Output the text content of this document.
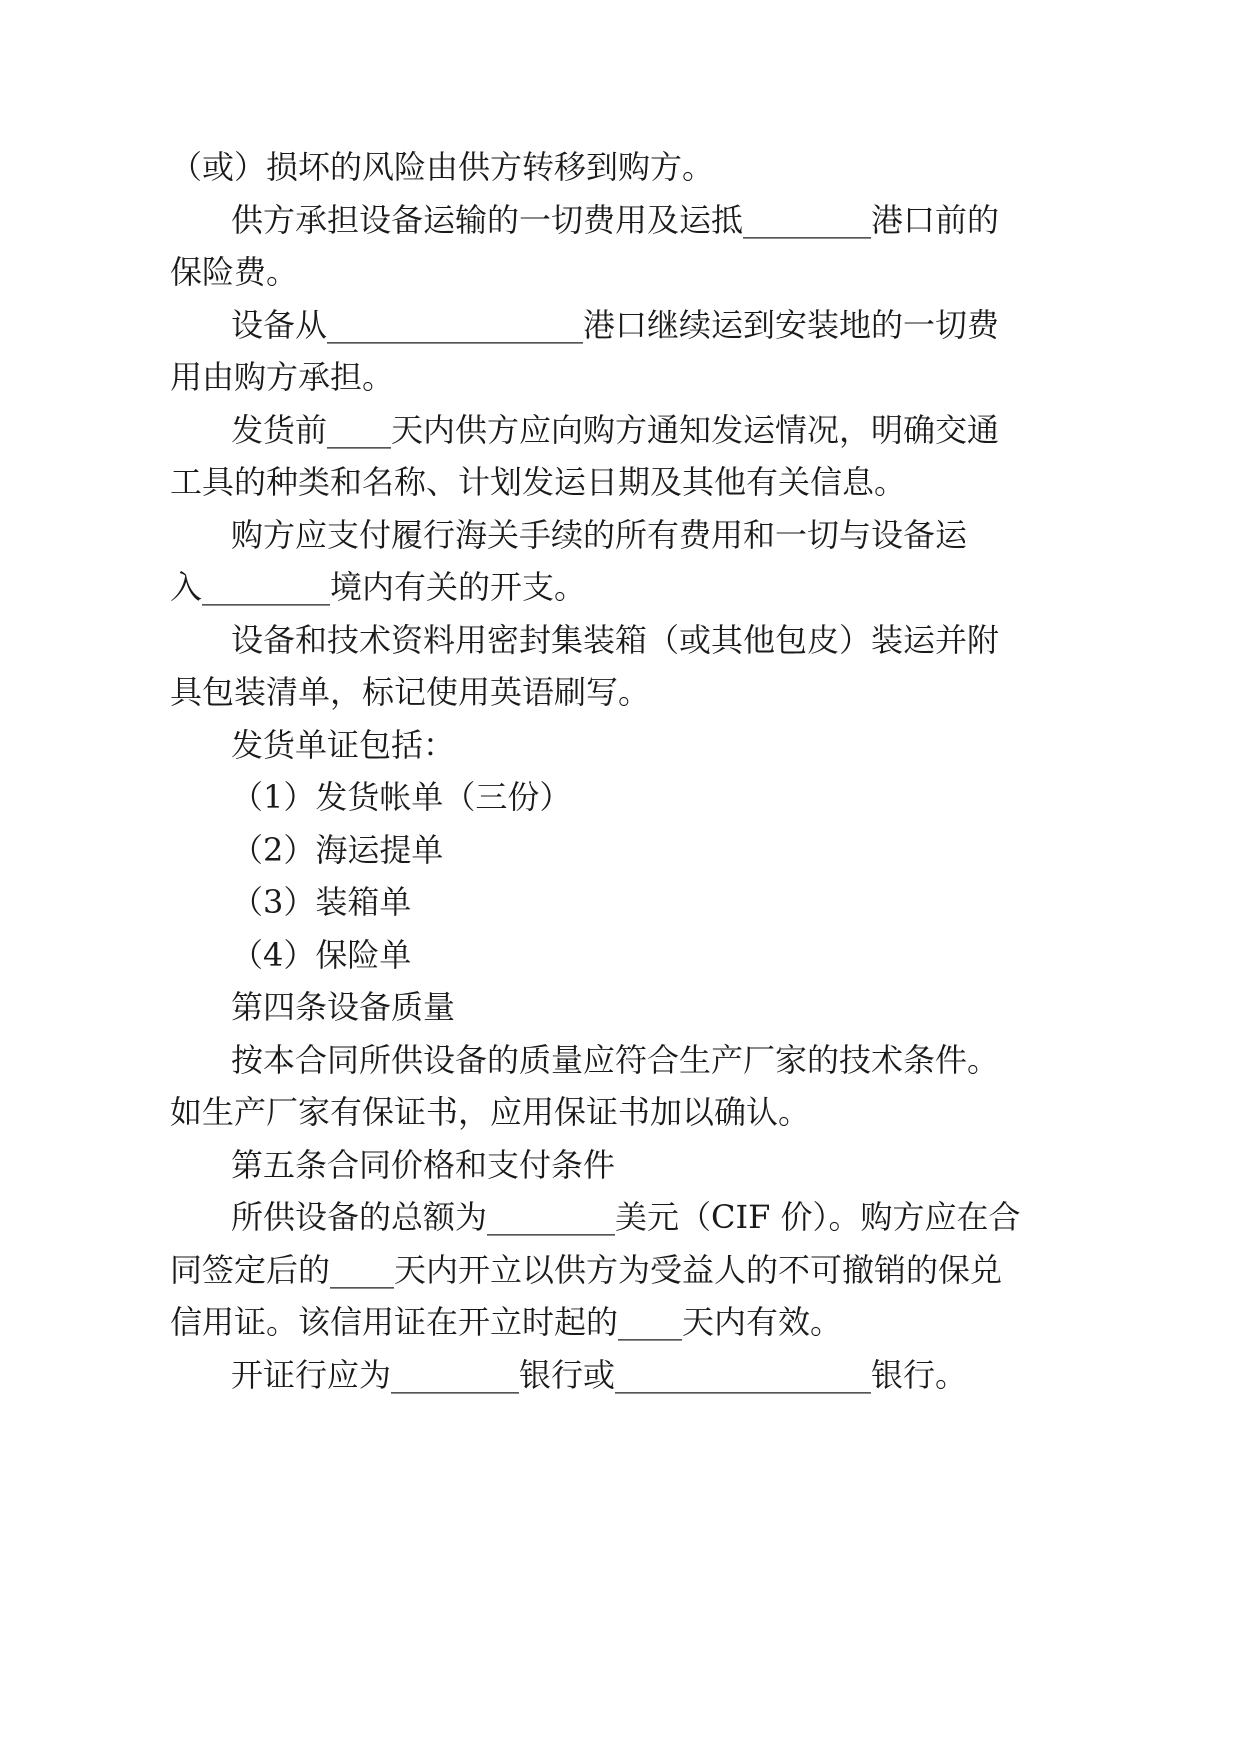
（或）损坏的风险由供方转移到购方。
供方承担设备运输的一切费用及运抵________港口前的
保险费。
设备从________________港口继续运到安装地的一切费
用由购方承担。
发货前____天内供方应向购方通知发运情况，明确交通
工具的种类和名称、计划发运日期及其他有关信息。
购方应支付履行海关手续的所有费用和一切与设备运
入________境内有关的开支。
设备和技术资料用密封集装箱（或其他包皮）装运并附
具包装清单，标记使用英语刷写。
发货单证包括：
（1）发货帐单（三份）
（2）海运提单
（3）装箱单
（4）保险单
第四条设备质量
按本合同所供设备的质量应符合生产厂家的技术条件。
如生产厂家有保证书，应用保证书加以确认。
第五条合同价格和支付条件
所供设备的总额为________美元（CIF 价）。购方应在合
同签定后的____天内开立以供方为受益人的不可撤销的保兑
信用证。该信用证在开立时起的____天内有效。
开证行应为________银行或________________银行。
